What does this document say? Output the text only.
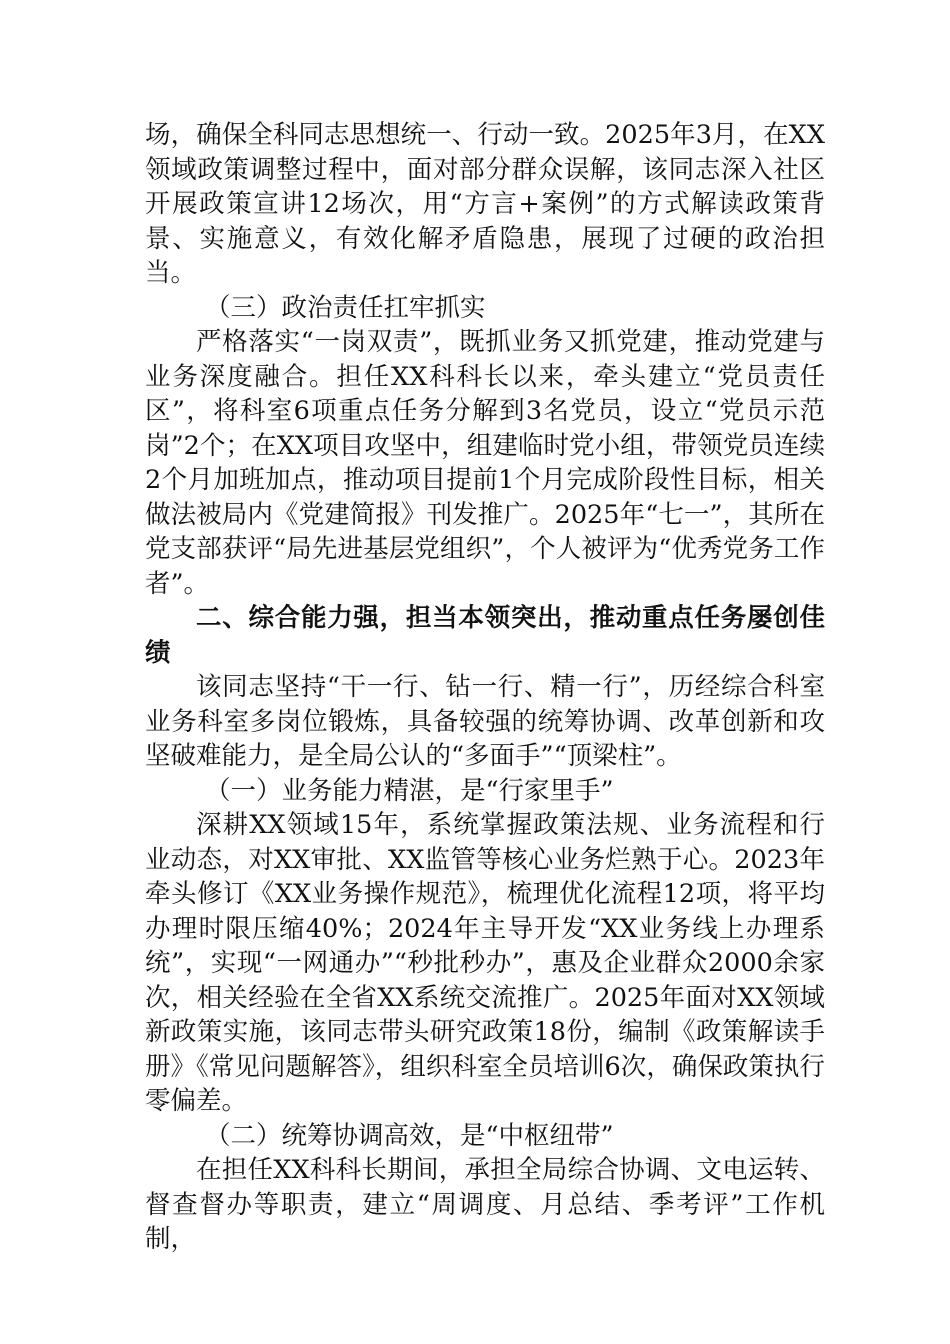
场，确保全科同志思想统一、行动一致。2025年3月，在XX领域政策调整过程中，面对部分群众误解，该同志深入社区开展政策宣讲12场次，用“方言+案例”的方式解读政策背景、实施意义，有效化解矛盾隐患，展现了过硬的政治担当。

（三）政治责任扛牢抓实

严格落实“一岗双责”，既抓业务又抓党建，推动党建与业务深度融合。担任XX科科长以来，牵头建立“党员责任区”，将科室6项重点任务分解到3名党员，设立“党员示范岗”2个；在XX项目攻坚中，组建临时党小组，带领党员连续2个月加班加点，推动项目提前1个月完成阶段性目标，相关做法被局内《党建简报》刊发推广。2025年“七一”，其所在党支部获评“局先进基层党组织”，个人被评为“优秀党务工作者”。

二、综合能力强，担当本领突出，推动重点任务屡创佳绩

该同志坚持“干一行、钻一行、精一行”，历经综合科室业务科室多岗位锻炼，具备较强的统筹协调、改革创新和攻坚破难能力，是全局公认的“多面手”“顶梁柱”。

（一）业务能力精湛，是“行家里手”

深耕XX领域15年，系统掌握政策法规、业务流程和行业动态，对XX审批、XX监管等核心业务烂熟于心。2023年牵头修订《XX业务操作规范》，梳理优化流程12项，将平均办理时限压缩40%；2024年主导开发“XX业务线上办理系统”，实现“一网通办”“秒批秒办”，惠及企业群众2000余家次，相关经验在全省XX系统交流推广。2025年面对XX领域新政策实施，该同志带头研究政策18份，编制《政策解读手册》《常见问题解答》，组织科室全员培训6次，确保政策执行零偏差。

（二）统筹协调高效，是“中枢纽带”

在担任XX科科长期间，承担全局综合协调、文电运转、督查督办等职责，建立“周调度、月总结、季考评”工作机制，
